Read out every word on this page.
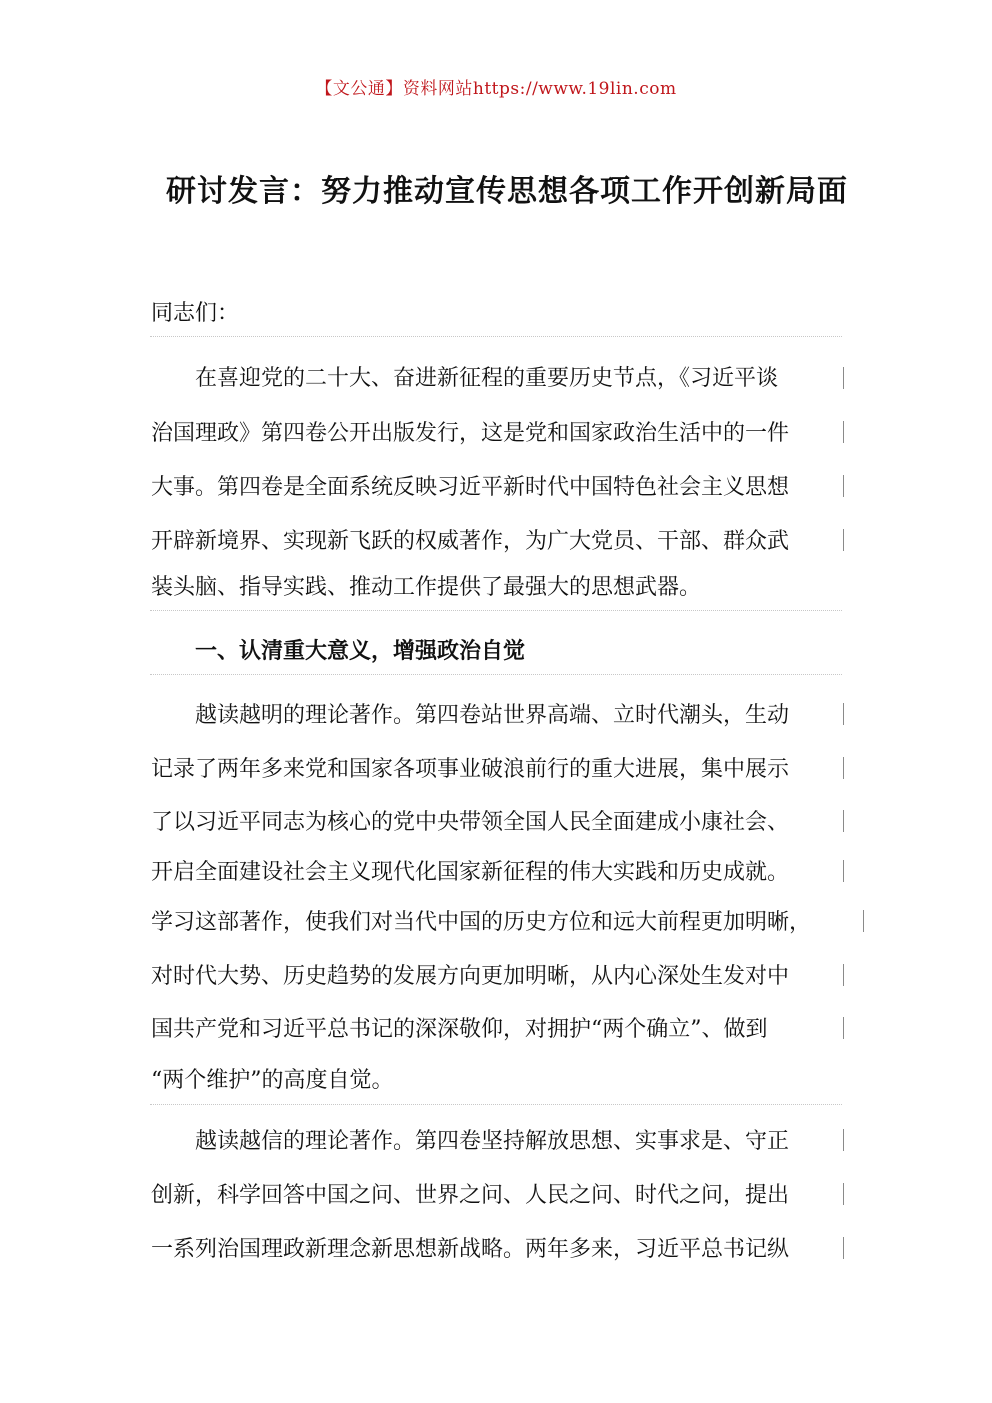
【文公通】资料网站https://www.19lin.com
研讨发言：努力推动宣传思想各项工作开创新局面
同志们：
　　在喜迎党的二十大、奋进新征程的重要历史节点，《习近平谈
治国理政》第四卷公开出版发行，这是党和国家政治生活中的一件
大事。第四卷是全面系统反映习近平新时代中国特色社会主义思想
开辟新境界、实现新飞跃的权威著作，为广大党员、干部、群众武
装头脑、指导实践、推动工作提供了最强大的思想武器。
　　一、认清重大意义，增强政治自觉
　　越读越明的理论著作。第四卷站世界高端、立时代潮头，生动
记录了两年多来党和国家各项事业破浪前行的重大进展，集中展示
了以习近平同志为核心的党中央带领全国人民全面建成小康社会、
开启全面建设社会主义现代化国家新征程的伟大实践和历史成就。
学习这部著作，使我们对当代中国的历史方位和远大前程更加明晰，
对时代大势、历史趋势的发展方向更加明晰，从内心深处生发对中
国共产党和习近平总书记的深深敬仰，对拥护“两个确立”、做到
“两个维护”的高度自觉。
　　越读越信的理论著作。第四卷坚持解放思想、实事求是、守正
创新，科学回答中国之问、世界之问、人民之问、时代之问，提出
一系列治国理政新理念新思想新战略。两年多来，习近平总书记纵
